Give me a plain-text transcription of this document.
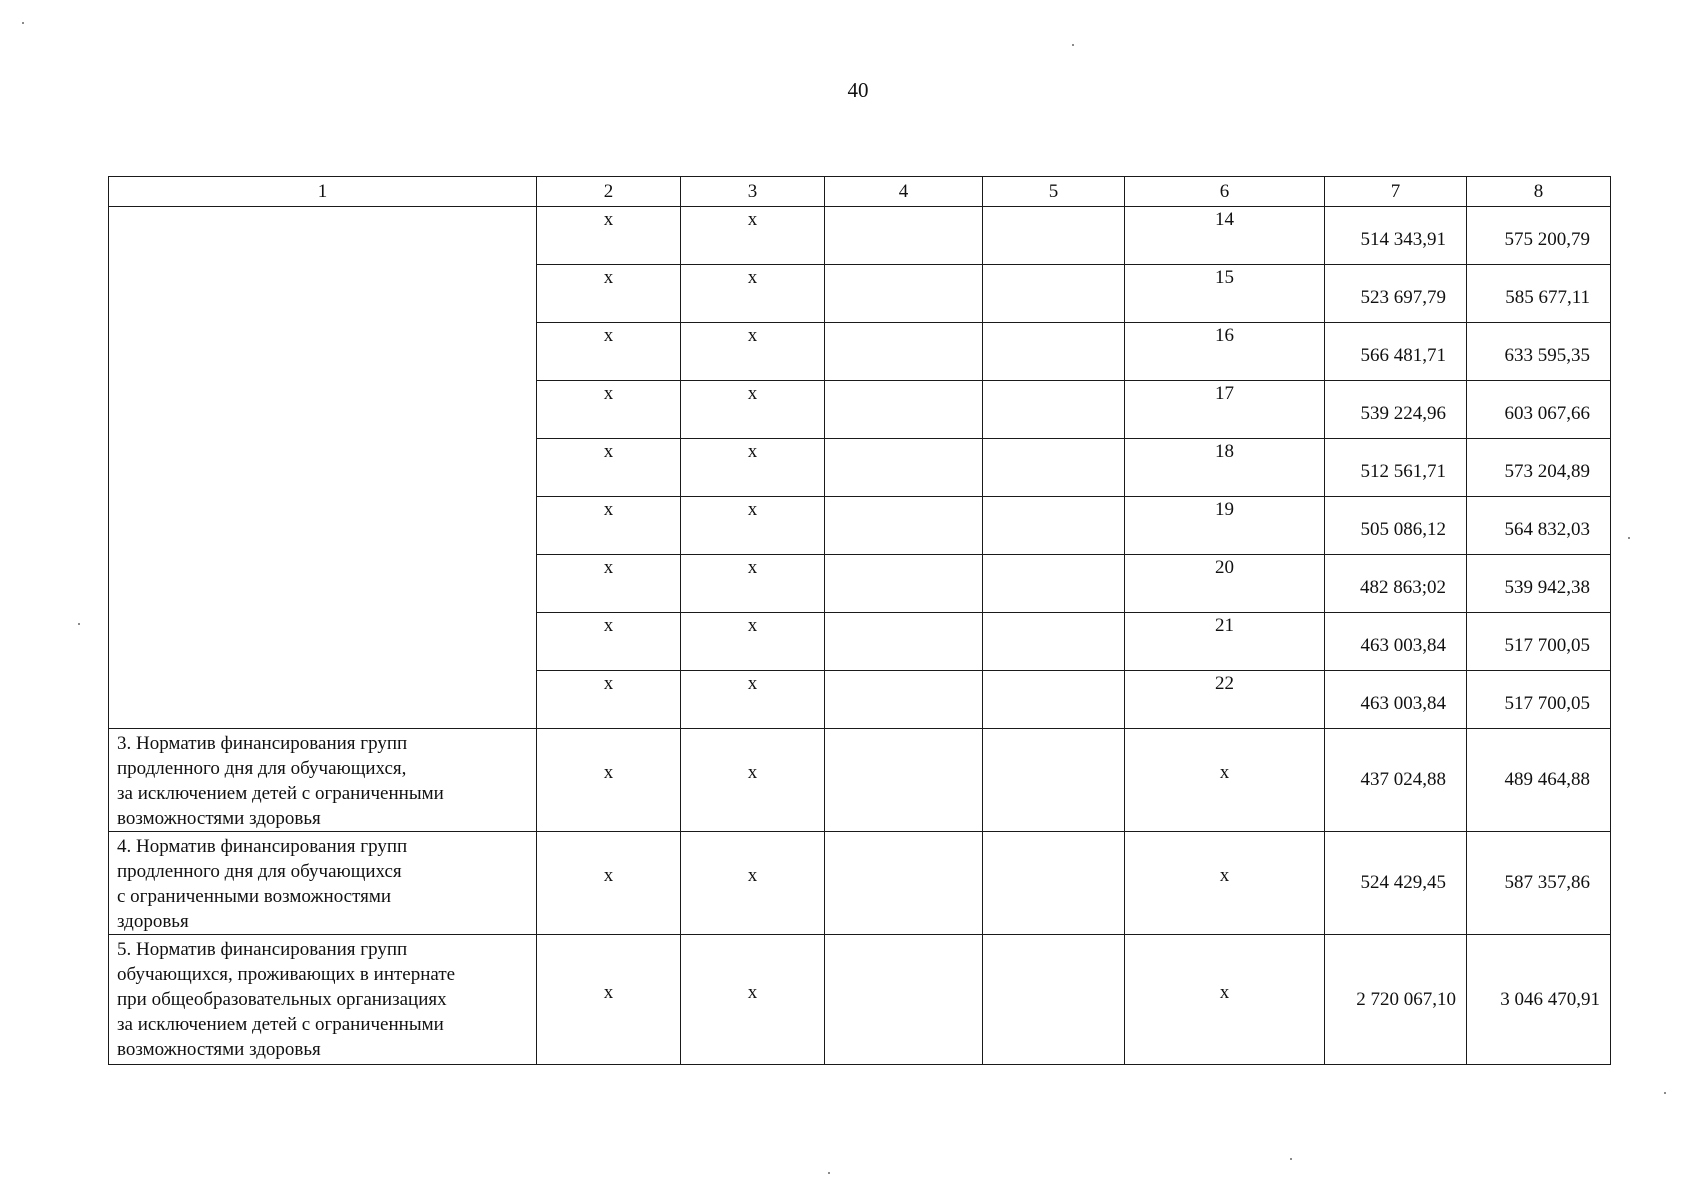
40
1	2	3	4	5	6	7	8
	х	х			14	514 343,91	575 200,79
	х	х			15	523 697,79	585 677,11
	х	х			16	566 481,71	633 595,35
	х	х			17	539 224,96	603 067,66
	х	х			18	512 561,71	573 204,89
	х	х			19	505 086,12	564 832,03
	х	х			20	482 863;02	539 942,38
	х	х			21	463 003,84	517 700,05
	х	х			22	463 003,84	517 700,05

3. Норматив финансирования групп
продленного дня для обучающихся,
за исключением детей с ограниченными
возможностями здоровья	х	х			х	437 024,88	489 464,88

4. Норматив финансирования групп
продленного дня для обучающихся
с ограниченными возможностями
здоровья	х	х			х	524 429,45	587 357,86

5. Норматив финансирования групп
обучающихся, проживающих в интернате
при общеобразовательных организациях
за исключением детей с ограниченными
возможностями здоровья	х	х			х	2 720 067,10	3 046 470,91
